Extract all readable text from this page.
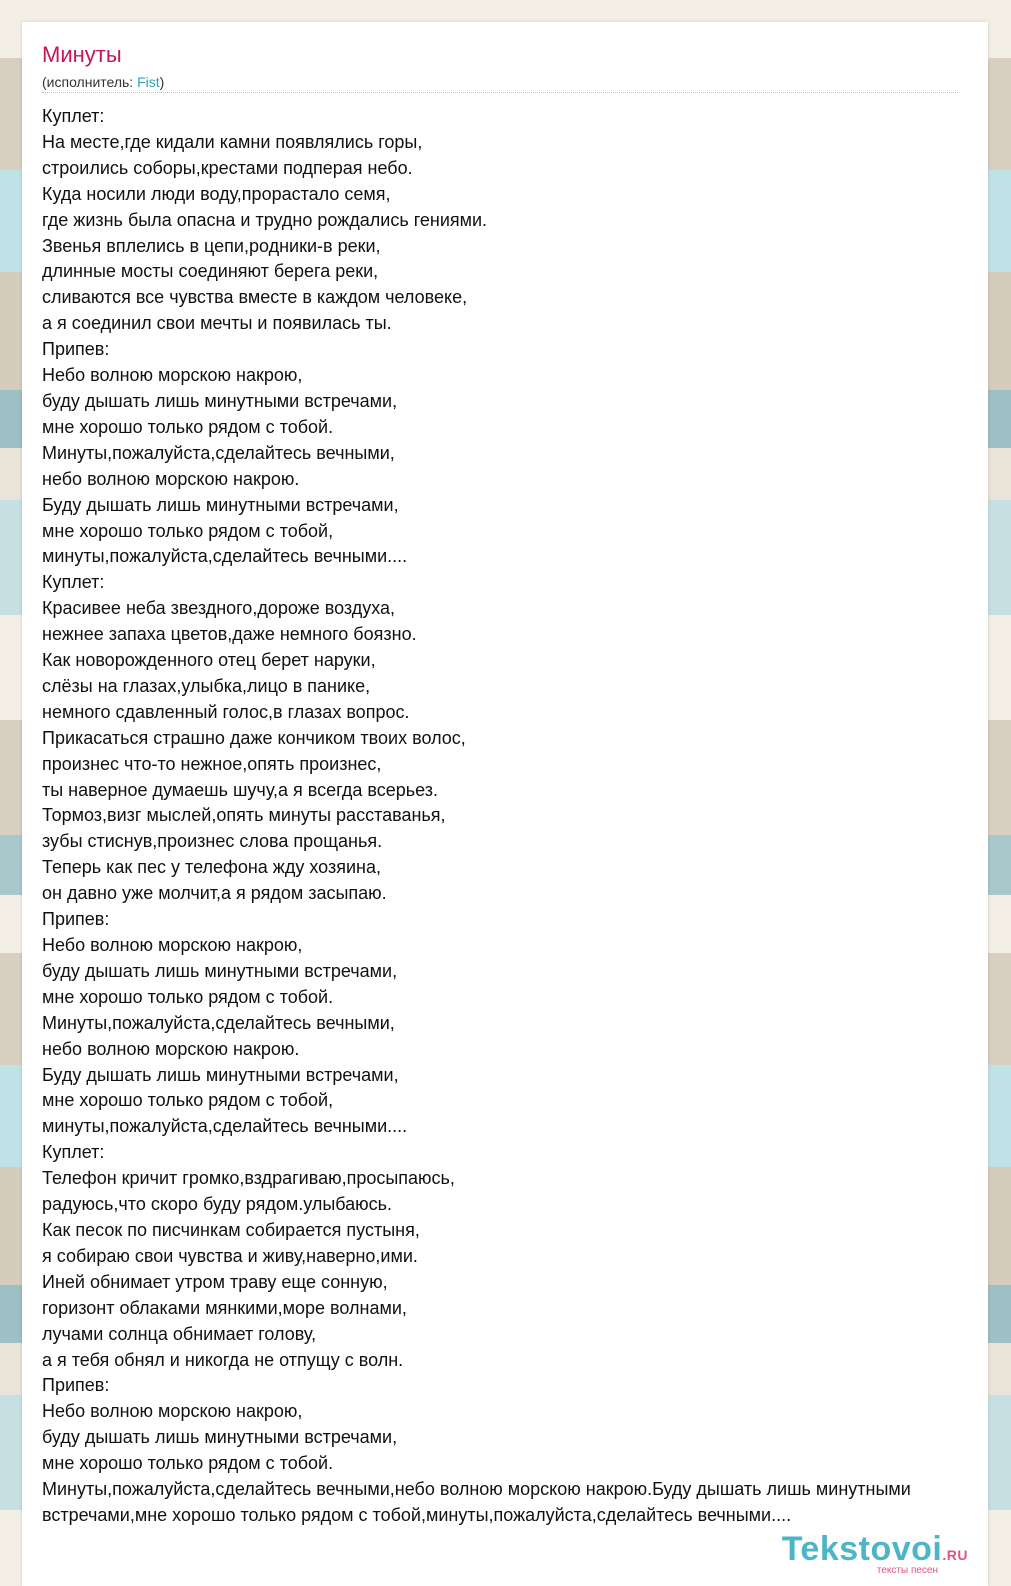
Минуты
(исполнитель: Fist)
Куплет:
На месте,где кидали камни появлялись горы,
строились соборы,крестами подперая небо.
Куда носили люди воду,прорастало семя,
где жизнь была опасна и трудно рождались гениями.
Звенья вплелись в цепи,родники-в реки,
длинные мосты соединяют берега реки,
сливаются все чувства вместе в каждом человеке,
а я соединил свои мечты и появилась ты.
Припев:
Небо волною морскою накрою,
буду дышать лишь минутными встречами,
мне хорошо только рядом с тобой.
Минуты,пожалуйста,сделайтесь вечными,
небо волною морскою накрою.
Буду дышать лишь минутными встречами,
мне хорошо только рядом с тобой,
минуты,пожалуйста,сделайтесь вечными....
Куплет:
Красивее неба звездного,дороже воздуха,
нежнее запаха цветов,даже немного боязно.
Как новорожденного отец берет наруки,
слёзы на глазах,улыбка,лицо в панике,
немного сдавленный голос,в глазах вопрос.
Прикасаться страшно даже кончиком твоих волос,
произнес что-то нежное,опять произнес,
ты наверное думаешь шучу,а я всегда всерьез.
Тормоз,визг мыслей,опять минуты расставанья,
зубы стиснув,произнес слова прощанья.
Теперь как пес у телефона жду хозяина,
он давно уже молчит,а я рядом засыпаю.
Припев:
Небо волною морскою накрою,
буду дышать лишь минутными встречами,
мне хорошо только рядом с тобой.
Минуты,пожалуйста,сделайтесь вечными,
небо волною морскою накрою.
Буду дышать лишь минутными встречами,
мне хорошо только рядом с тобой,
минуты,пожалуйста,сделайтесь вечными....
Куплет:
Телефон кричит громко,вздрагиваю,просыпаюсь,
радуюсь,что скоро буду рядом.улыбаюсь.
Как песок по писчинкам собирается пустыня,
я собираю свои чувства и живу,наверно,ими.
Иней обнимает утром траву еще сонную,
горизонт облаками мянкими,море волнами,
лучами солнца обнимает голову,
а я тебя обнял и никогда не отпущу с волн.
Припев:
Небо волною морскою накрою,
буду дышать лишь минутными встречами,
мне хорошо только рядом с тобой.
Минуты,пожалуйста,сделайтесь вечными,небо волною морскою накрою.Буду дышать лишь минутными
встречами,мне хорошо только рядом с тобой,минуты,пожалуйста,сделайтесь вечными....
Tekstovoi.RU
тексты песен
